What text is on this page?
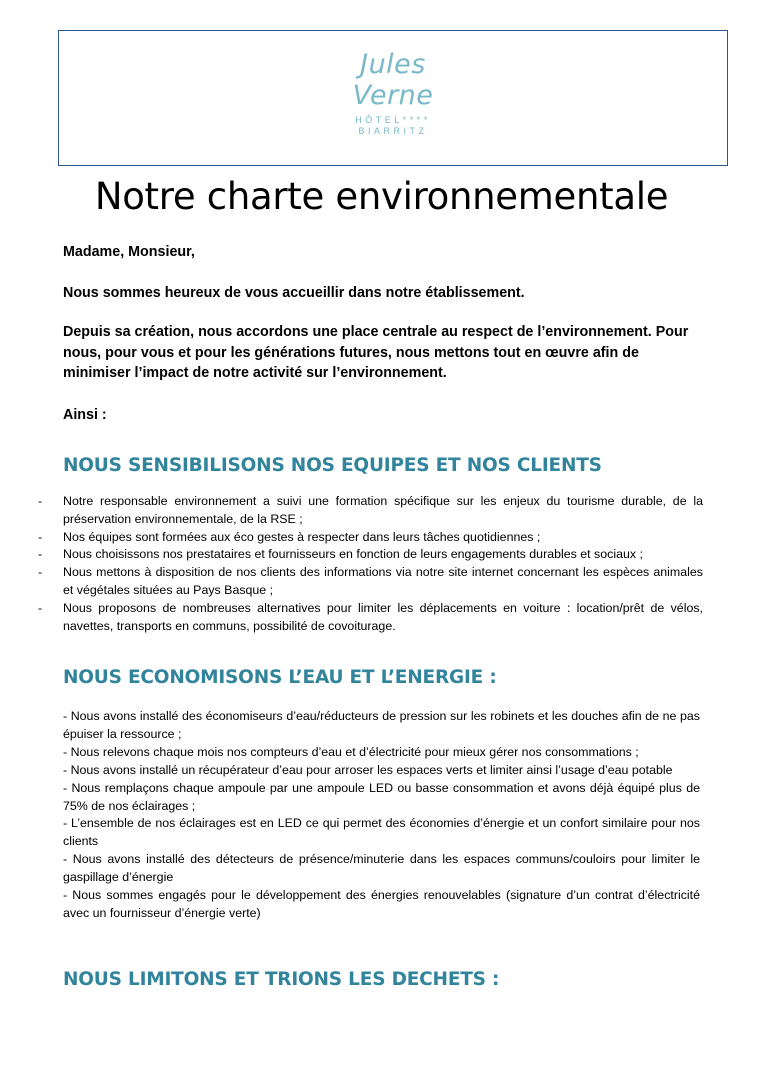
Jules
Verne
HÔTEL****
BIARRITZ
Notre charte environnementale

Madame, Monsieur,

Nous sommes heureux de vous accueillir dans notre établissement.

Depuis sa création, nous accordons une place centrale au respect de l’environnement. Pour nous, pour vous et pour les générations futures, nous mettons tout en œuvre afin de minimiser l’impact de notre activité sur l’environnement.

Ainsi :

NOUS SENSIBILISONS NOS EQUIPES ET NOS CLIENTS
- Notre responsable environnement a suivi une formation spécifique sur les enjeux du tourisme durable, de la préservation environnementale, de la RSE ;
- Nos équipes sont formées aux éco gestes à respecter dans leurs tâches quotidiennes ;
- Nous choisissons nos prestataires et fournisseurs en fonction de leurs engagements durables et sociaux ;
- Nous mettons à disposition de nos clients des informations via notre site internet concernant les espèces animales et végétales situées au Pays Basque ;
- Nous proposons de nombreuses alternatives pour limiter les déplacements en voiture : location/prêt de vélos, navettes, transports en communs, possibilité de covoiturage.
NOUS ECONOMISONS L’EAU ET L’ENERGIE :
- Nous avons installé des économiseurs d’eau/réducteurs de pression sur les robinets et les douches afin de ne pas épuiser la ressource ;
- Nous relevons chaque mois nos compteurs d’eau et d’électricité pour mieux gérer nos consommations ;
- Nous avons installé un récupérateur d’eau pour arroser les espaces verts et limiter ainsi l’usage d’eau potable
- Nous remplaçons chaque ampoule par une ampoule LED ou basse consommation et avons déjà équipé plus de 75% de nos éclairages ;
- L’ensemble de nos éclairages est en LED ce qui permet des économies d’énergie et un confort similaire pour nos clients
- Nous avons installé des détecteurs de présence/minuterie dans les espaces communs/couloirs pour limiter le gaspillage d’énergie
- Nous sommes engagés pour le développement des énergies renouvelables (signature d’un contrat d’électricité avec un fournisseur d’énergie verte)
NOUS LIMITONS ET TRIONS LES DECHETS :
